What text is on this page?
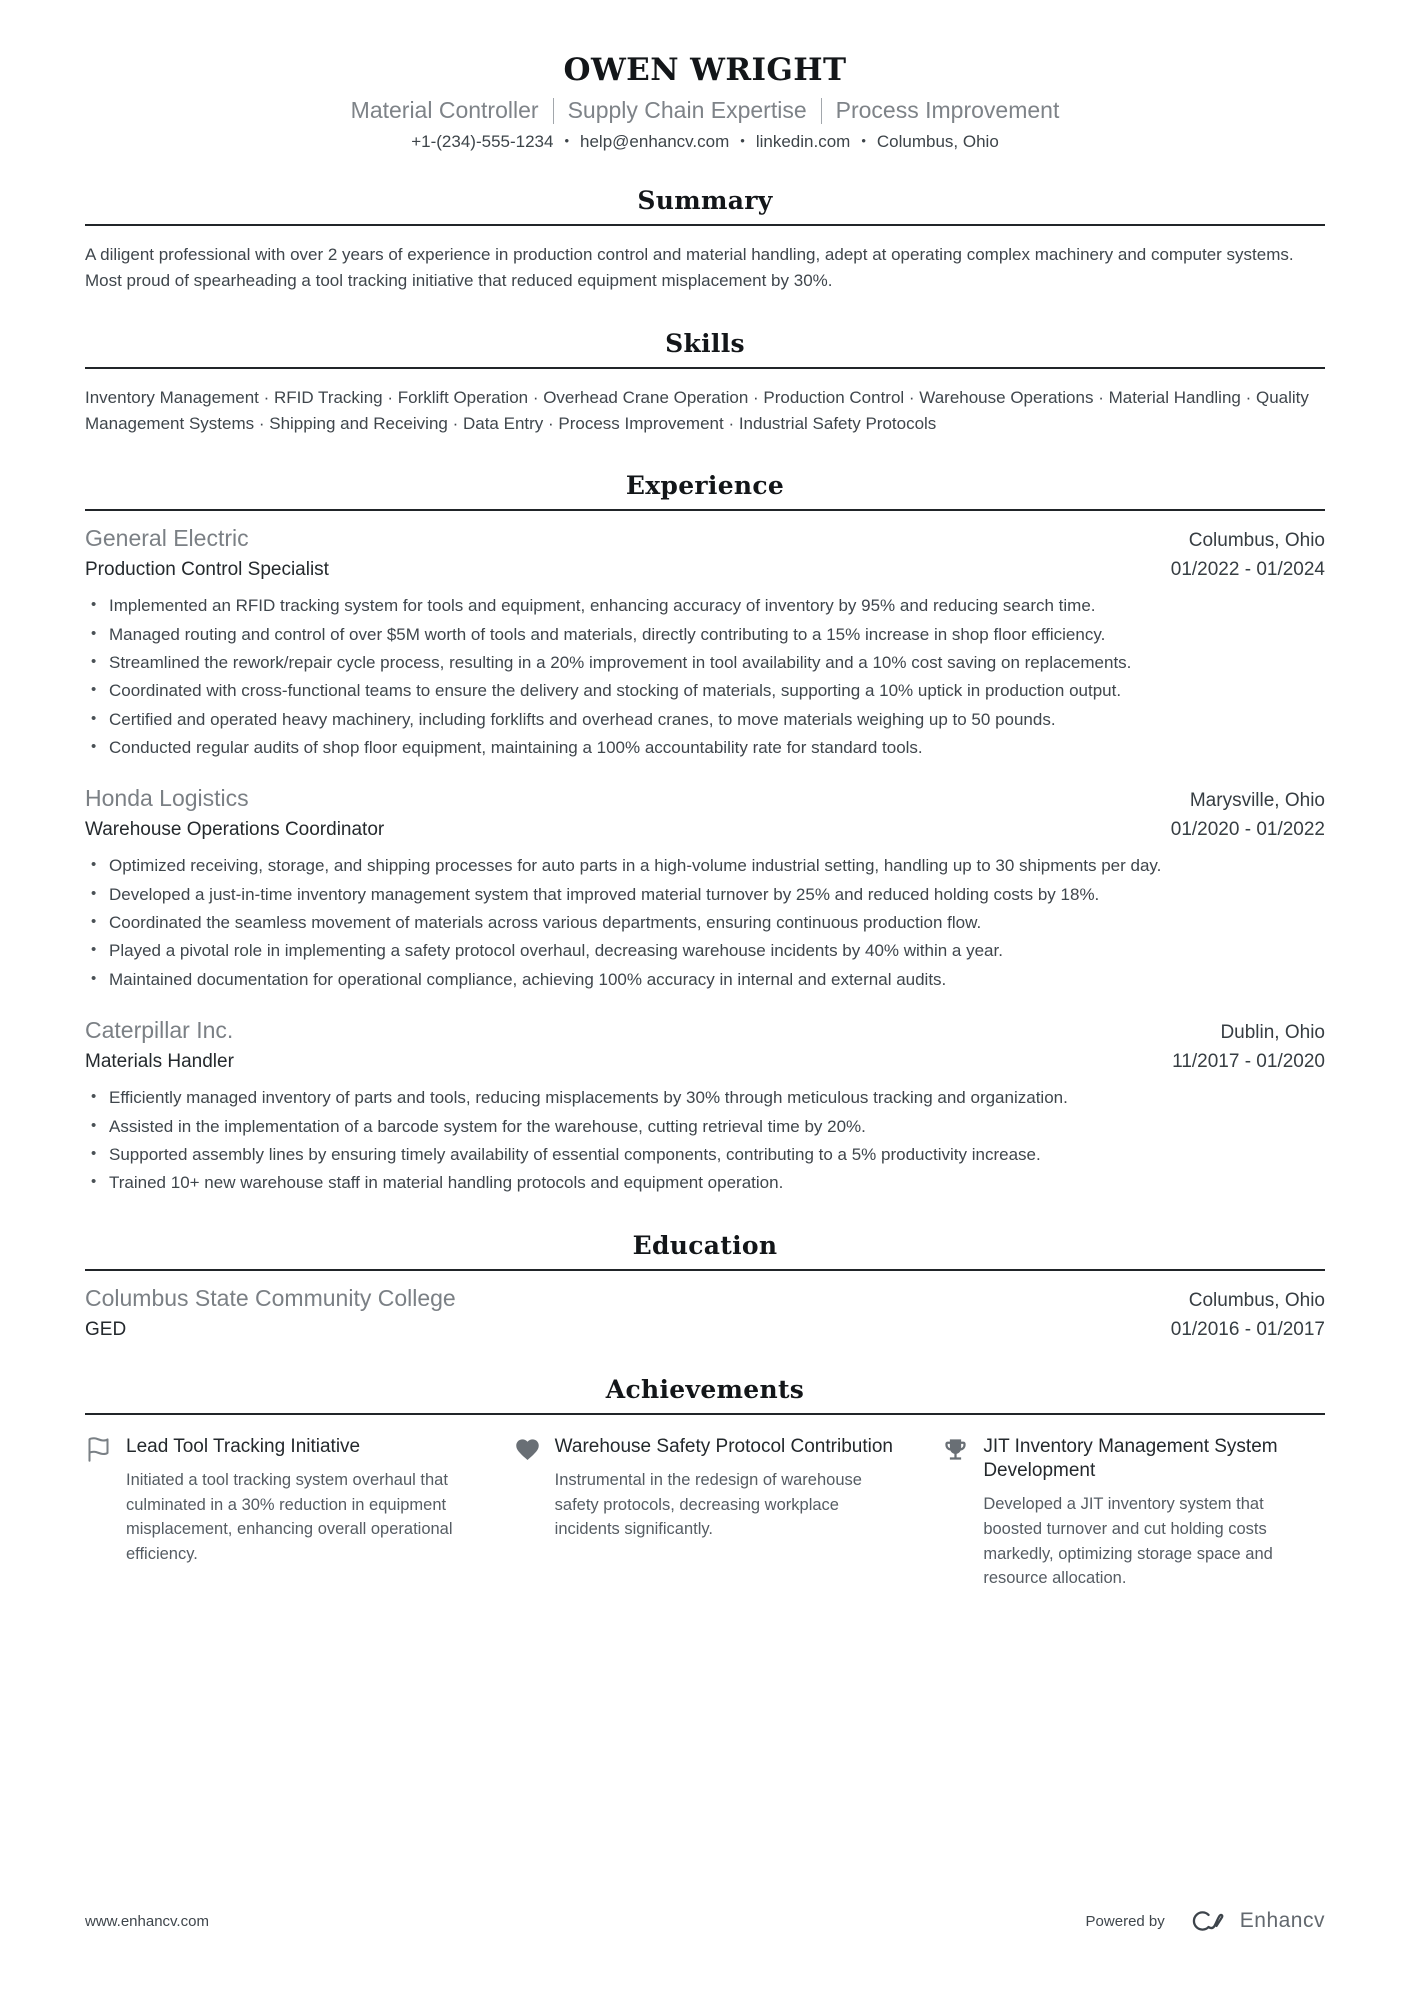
OWEN WRIGHT
Material Controller Supply Chain Expertise Process Improvement
+1-(234)-555-1234 • help@enhancv.com • linkedin.com • Columbus, Ohio
Summary

A diligent professional with over 2 years of experience in production control and material handling, adept at operating complex machinery and computer systems. Most proud of spearheading a tool tracking initiative that reduced equipment misplacement by 30%.

Skills

Inventory Management · RFID Tracking · Forklift Operation · Overhead Crane Operation · Production Control · Warehouse Operations · Material Handling · Quality Management Systems · Shipping and Receiving · Data Entry · Process Improvement · Industrial Safety Protocols

Experience
General Electric	Columbus, Ohio
Production Control Specialist	01/2022 - 01/2024
• Implemented an RFID tracking system for tools and equipment, enhancing accuracy of inventory by 95% and reducing search time.
• Managed routing and control of over $5M worth of tools and materials, directly contributing to a 15% increase in shop floor efficiency.
• Streamlined the rework/repair cycle process, resulting in a 20% improvement in tool availability and a 10% cost saving on replacements.
• Coordinated with cross-functional teams to ensure the delivery and stocking of materials, supporting a 10% uptick in production output.
• Certified and operated heavy machinery, including forklifts and overhead cranes, to move materials weighing up to 50 pounds.
• Conducted regular audits of shop floor equipment, maintaining a 100% accountability rate for standard tools.
Honda Logistics	Marysville, Ohio
Warehouse Operations Coordinator	01/2020 - 01/2022
• Optimized receiving, storage, and shipping processes for auto parts in a high-volume industrial setting, handling up to 30 shipments per day.
• Developed a just-in-time inventory management system that improved material turnover by 25% and reduced holding costs by 18%.
• Coordinated the seamless movement of materials across various departments, ensuring continuous production flow.
• Played a pivotal role in implementing a safety protocol overhaul, decreasing warehouse incidents by 40% within a year.
• Maintained documentation for operational compliance, achieving 100% accuracy in internal and external audits.
Caterpillar Inc.	Dublin, Ohio
Materials Handler	11/2017 - 01/2020
• Efficiently managed inventory of parts and tools, reducing misplacements by 30% through meticulous tracking and organization.
• Assisted in the implementation of a barcode system for the warehouse, cutting retrieval time by 20%.
• Supported assembly lines by ensuring timely availability of essential components, contributing to a 5% productivity increase.
• Trained 10+ new warehouse staff in material handling protocols and equipment operation.
Education
Columbus State Community College	Columbus, Ohio
GED	01/2016 - 01/2017
Achievements
Lead Tool Tracking Initiative
Initiated a tool tracking system overhaul that culminated in a 30% reduction in equipment misplacement, enhancing overall operational efficiency.
Warehouse Safety Protocol Contribution
Instrumental in the redesign of warehouse safety protocols, decreasing workplace incidents significantly.
JIT Inventory Management System Development
Developed a JIT inventory system that boosted turnover and cut holding costs markedly, optimizing storage space and resource allocation.
www.enhancv.com	Powered by	Enhancv
